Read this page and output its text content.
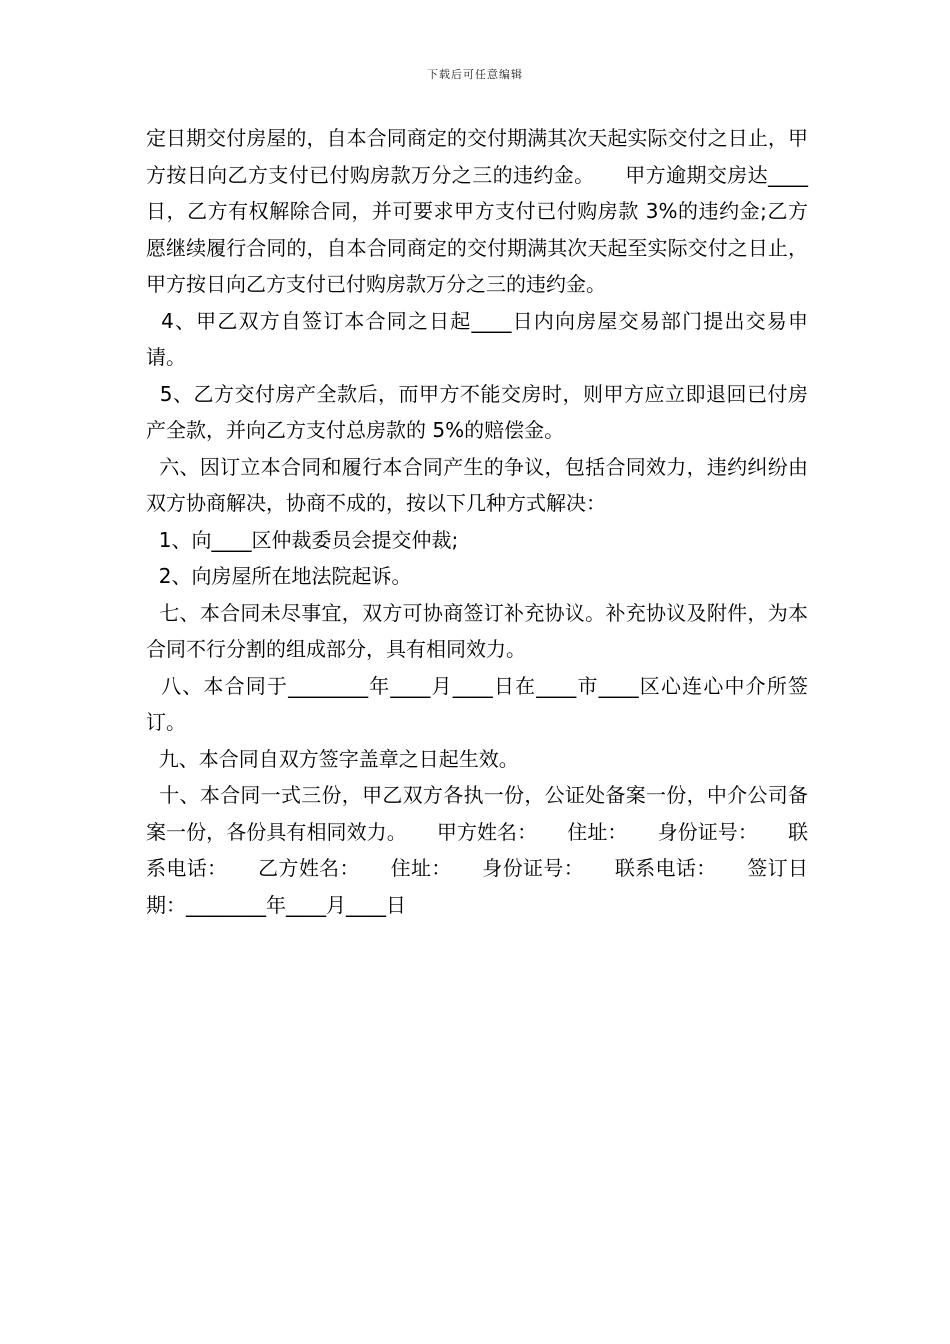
下载后可任意编辑

定日期交付房屋的，自本合同商定的交付期满其次天起实际交付之日止，甲方按日向乙方支付已付购房款万分之三的违约金。　　甲方逾期交房达____日，乙方有权解除合同，并可要求甲方支付已付购房款 3%的违约金;乙方愿继续履行合同的，自本合同商定的交付期满其次天起至实际交付之日止，甲方按日向乙方支付已付购房款万分之三的违约金。

4、甲乙双方自签订本合同之日起____日内向房屋交易部门提出交易申请。

5、乙方交付房产全款后，而甲方不能交房时，则甲方应立即退回已付房产全款，并向乙方支付总房款的 5%的赔偿金。

六、因订立本合同和履行本合同产生的争议，包括合同效力，违约纠纷由双方协商解决，协商不成的，按以下几种方式解决：

1、向____区仲裁委员会提交仲裁;

2、向房屋所在地法院起诉。

七、本合同未尽事宜，双方可协商签订补充协议。补充协议及附件，为本合同不行分割的组成部分，具有相同效力。

八、本合同于________年____月____日在____市____区心连心中介所签订。

九、本合同自双方签字盖章之日起生效。

十、本合同一式三份，甲乙双方各执一份，公证处备案一份，中介公司备案一份，各份具有相同效力。　　甲方姓名：　　住址：　　身份证号：　　联系电话：　　乙方姓名：　　住址：　　身份证号：　　联系电话：　　签订日期：________年____月____日
